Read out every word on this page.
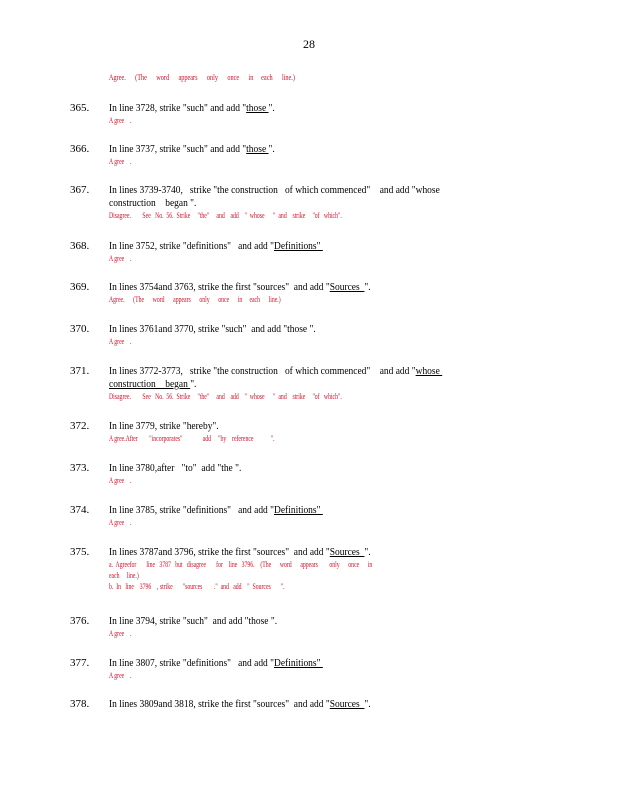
28
Agree.      (The      word      appears      only      once      in     each      line.)
365. In line 3728, strike "such" and add "those ".
A gree    .
366. In line 3737, strike "such" and add "those ".
A gree    .
367. In lines 3739-3740,   strike "the construction   of which commenced"    and add "whose
construction    began ".
Disagree.        See   No.  56.  Strike     "the"     and    add    "  whose      "  and    strike     "of   which".
368. In line 3752, strike "definitions"   and add "Definitions"
A gree    .
369. In lines 3754and 3763, strike the first "sources"  and add "Sources  ".
Agree.      (The      word      appears      only      once      in     each      line.)
370. In lines 3761and 3770, strike "such"  and add "those ".
A gree    .
371. In lines 3772-3773,   strike "the construction   of which commenced"    and add "whose
construction    began ".
Disagree.        See   No.  56.  Strike     "the"     and    add    "  whose      "  and    strike     "of   which".
372. In line 3779, strike "hereby".
A gree.After        "incorporates"              add     "by    reference            ".
373. In line 3780,after   "to"  add "the ".
A gree    .
374. In line 3785, strike "definitions"   and add "Definitions"
A gree    .
375. In lines 3787and 3796, strike the first "sources"  and add "Sources  ".
a.  Agreefor       line   3787   but   disagree       for    line   3796.    (The      word      appears        only      once      in
each     line.)
b.  In   line    3796    , strike       "sources        ."  and   add    "  Sources       ".
376. In line 3794, strike "such"  and add "those ".
A gree    .
377. In line 3807, strike "definitions"   and add "Definitions"
A gree    .
378. In lines 3809and 3818, strike the first "sources"  and add "Sources  ".
